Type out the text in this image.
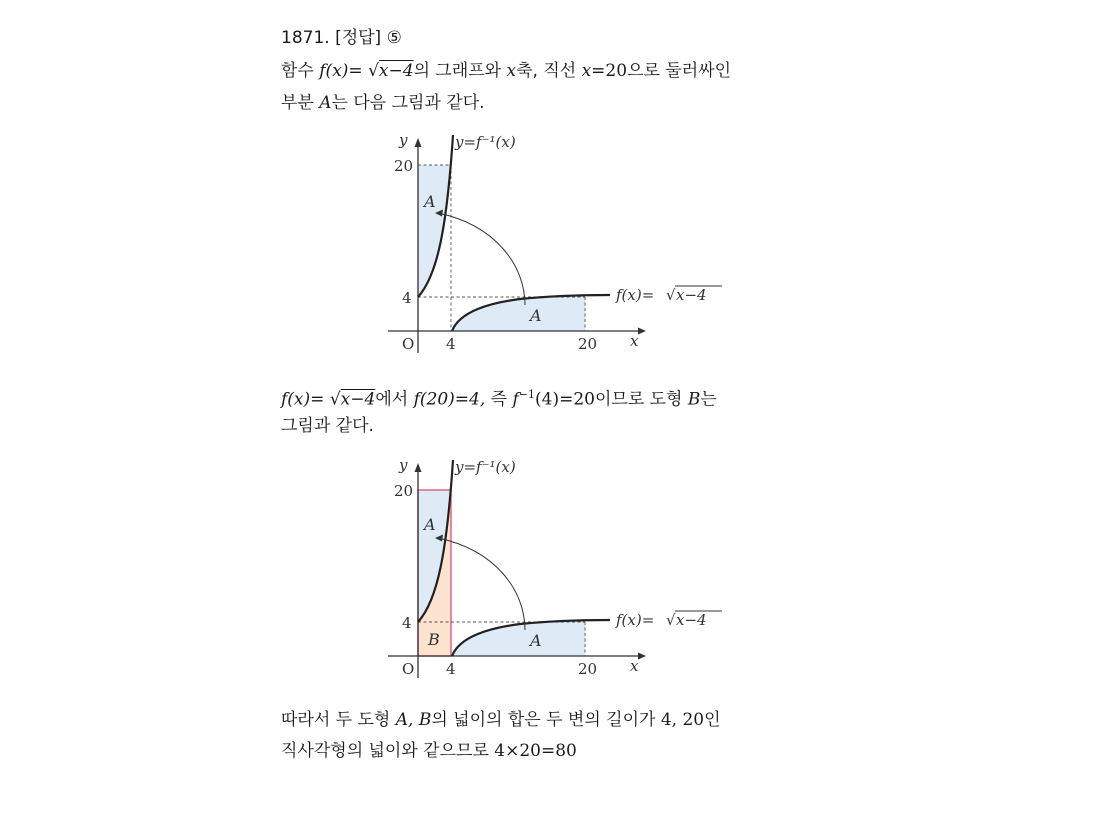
1871. [정답] ⑤
함수 f(x)= √x−4의 그래프와 x축, 직선 x=20으로 둘러싸인
부분 A는 다음 그림과 같다.
y
x
O 4	20
4
20
A
A
y=f⁻¹(x)
f(x)= √ x−4
f(x)= √x−4에서 f(20)=4, 즉 $f^{-1}(4)=20$이므로 도형 B는
그림과 같다.
y
x
O 4	20
4
20
A
B	A
y=f⁻¹(x)
f(x)= √ x−4
따라서 두 도형 A, B의 넓이의 합은 두 변의 길이가 4, 20인
직사각형의 넓이와 같으므로 4×20=80
